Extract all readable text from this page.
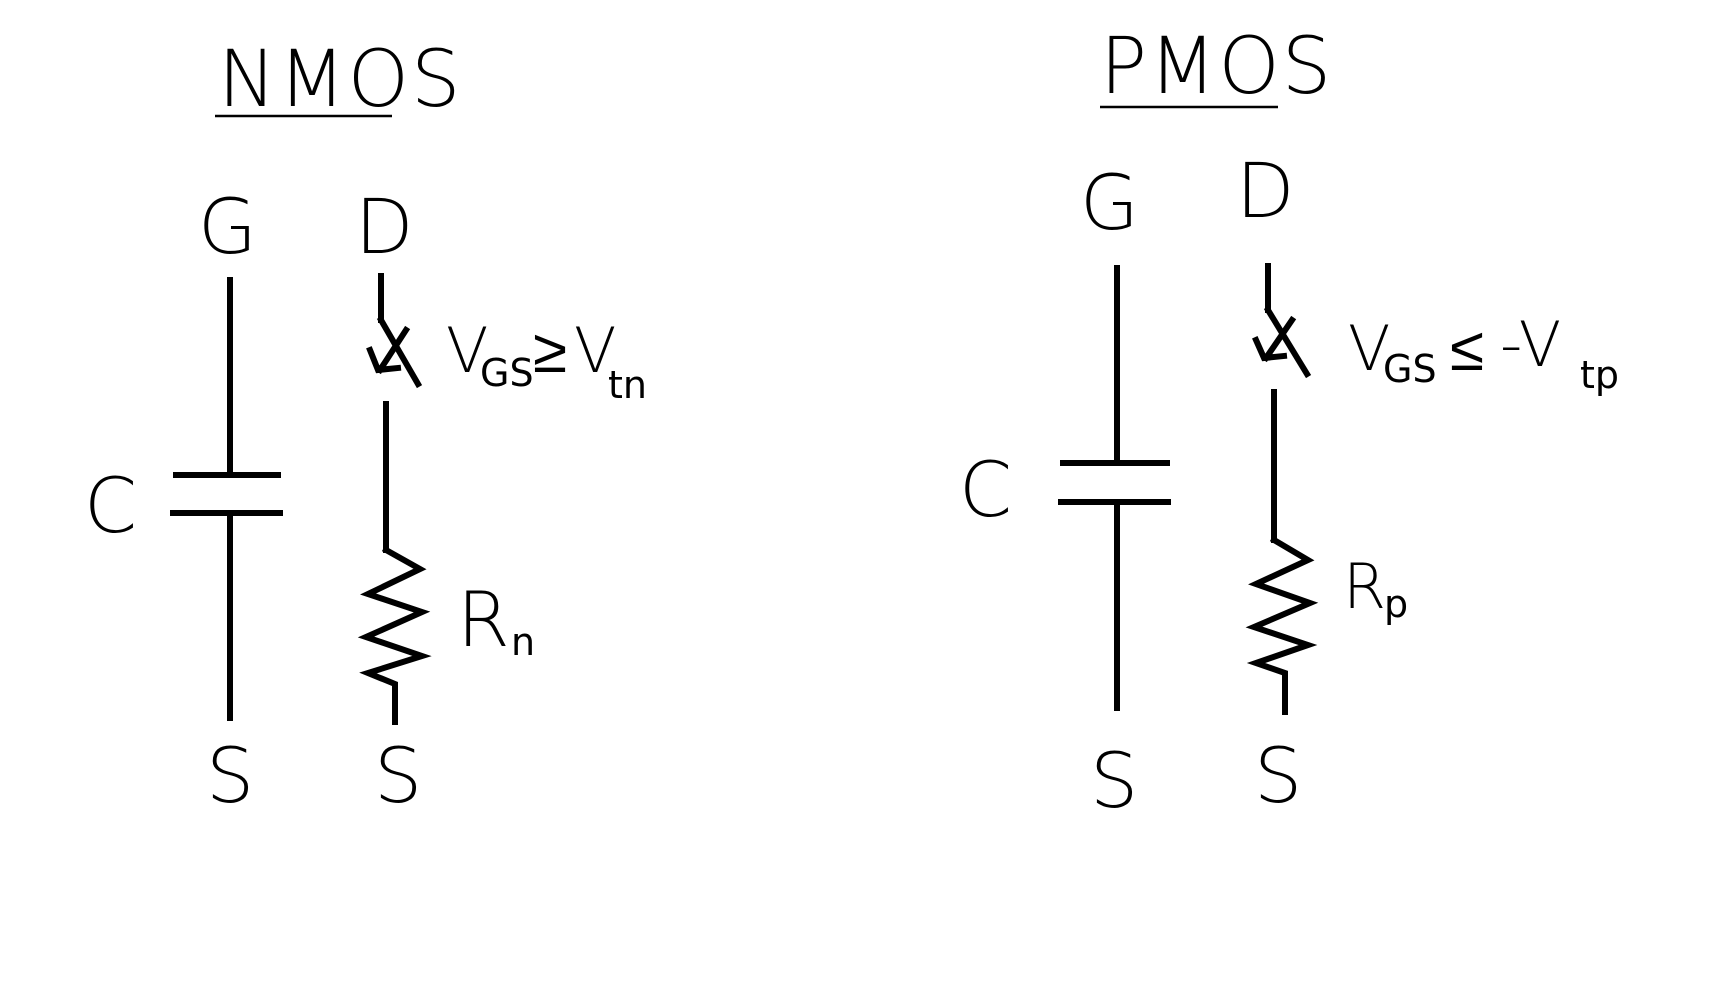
NMOS
G D
C
S S
V
GS ≥ V
tn
R n
PMOS
G D
C
S S
V
GS ≤ -V tp
R
p
